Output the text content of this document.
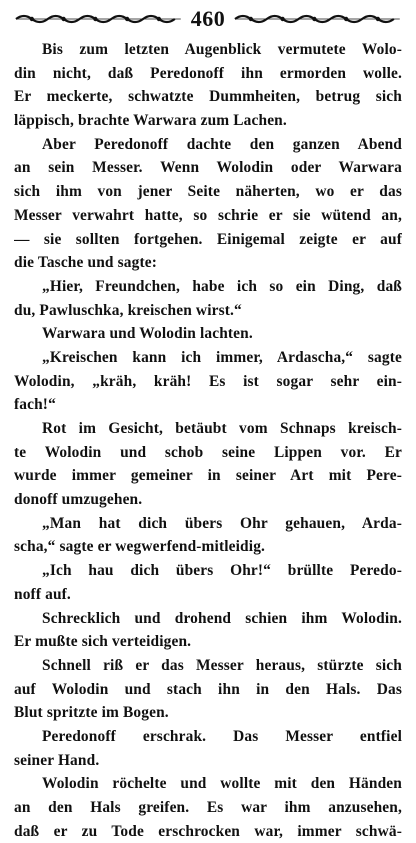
460
Bis zum letzten Augenblick vermutete Wolo-
din nicht, daß Peredonoff ihn ermorden wolle.
Er meckerte, schwatzte Dummheiten, betrug sich
läppisch, brachte Warwara zum Lachen.
Aber Peredonoff dachte den ganzen Abend
an sein Messer. Wenn Wolodin oder Warwara
sich ihm von jener Seite näherten, wo er das
Messer verwahrt hatte, so schrie er sie wütend an,
— sie sollten fortgehen. Einigemal zeigte er auf
die Tasche und sagte:
„Hier, Freundchen, habe ich so ein Ding, daß
du, Pawluschka, kreischen wirst.“
Warwara und Wolodin lachten.
„Kreischen kann ich immer, Ardascha,“ sagte
Wolodin, „kräh, kräh! Es ist sogar sehr ein-
fach!“
Rot im Gesicht, betäubt vom Schnaps kreisch-
te Wolodin und schob seine Lippen vor. Er
wurde immer gemeiner in seiner Art mit Pere-
donoff umzugehen.
„Man hat dich übers Ohr gehauen, Arda-
scha,“ sagte er wegwerfend-mitleidig.
„Ich hau dich übers Ohr!“ brüllte Peredo-
noff auf.
Schrecklich und drohend schien ihm Wolodin.
Er mußte sich verteidigen.
Schnell riß er das Messer heraus, stürzte sich
auf Wolodin und stach ihn in den Hals. Das
Blut spritzte im Bogen.
Peredonoff erschrak. Das Messer entfiel
seiner Hand.
Wolodin röchelte und wollte mit den Händen
an den Hals greifen. Es war ihm anzusehen,
daß er zu Tode erschrocken war, immer schwä-
